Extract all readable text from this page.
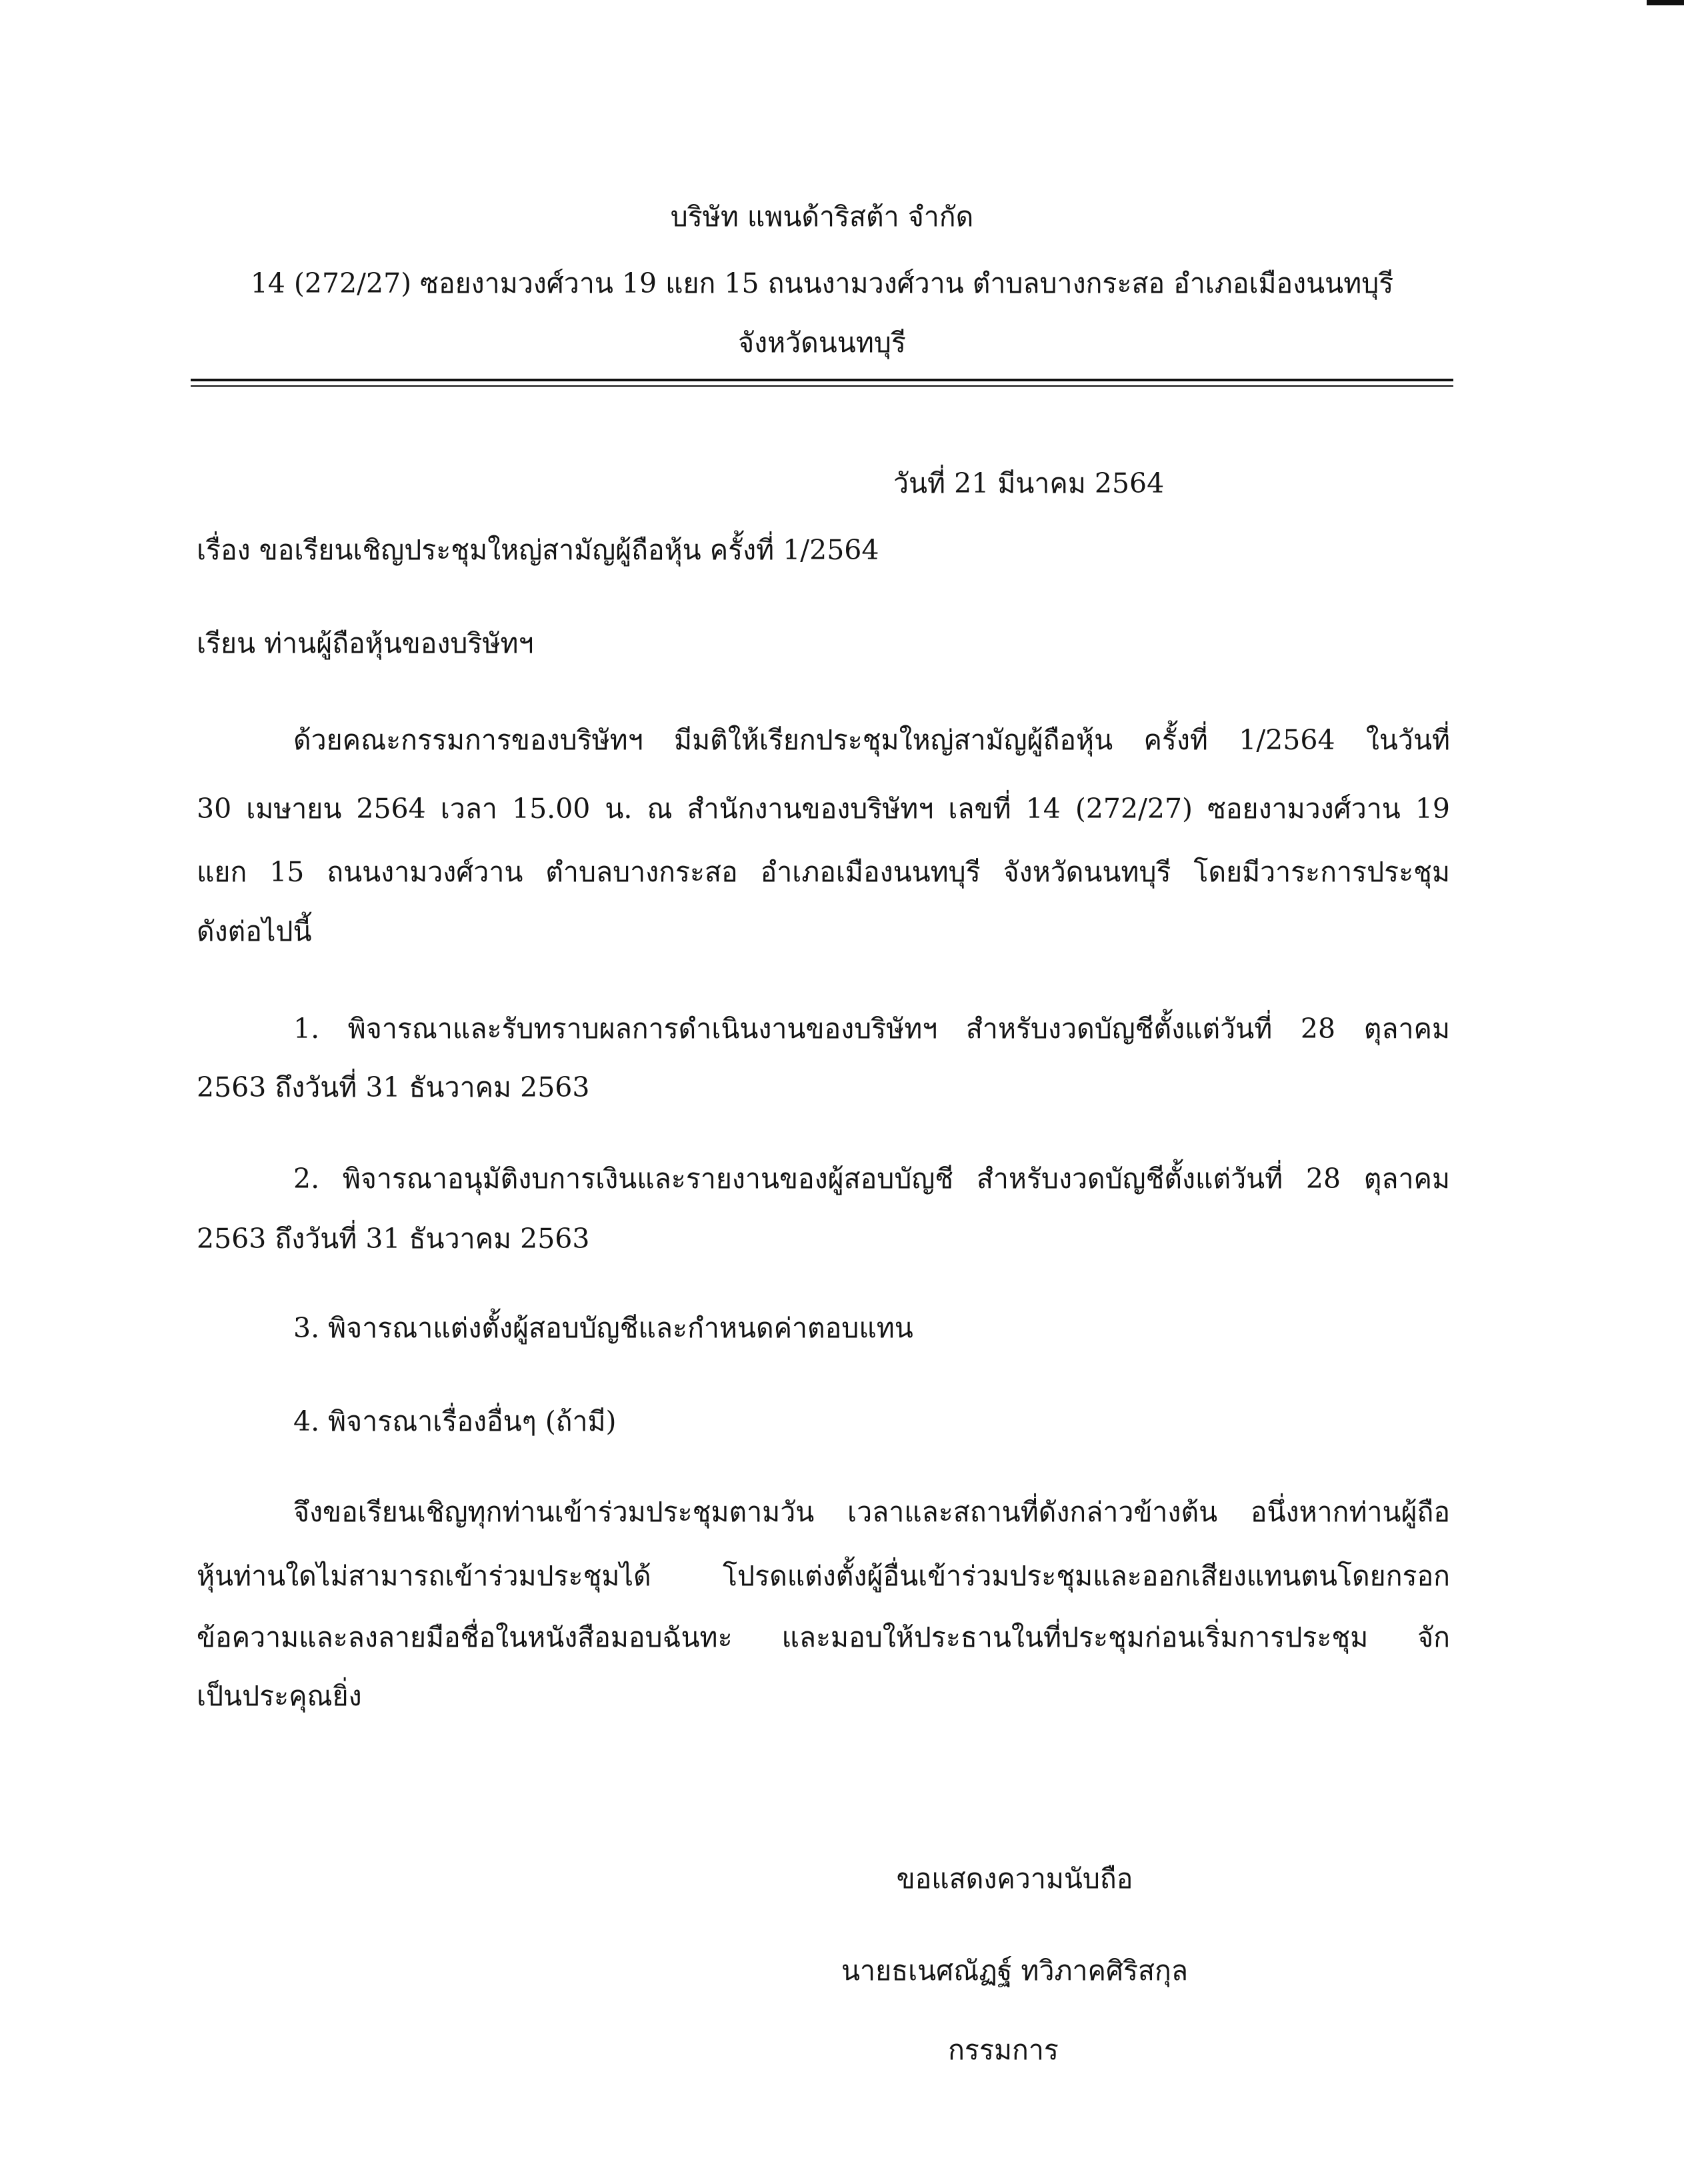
บริษัท แพนด้าริสต้า จำกัด

14 (272/27) ซอยงามวงศ์วาน 19 แยก 15 ถนนงามวงศ์วาน ตำบลบางกระสอ อำเภอเมืองนนทบุรี

จังหวัดนนทบุรี

วันที่ 21 มีนาคม 2564

เรื่อง ขอเรียนเชิญประชุมใหญ่สามัญผู้ถือหุ้น ครั้งที่ 1/2564

เรียน ท่านผู้ถือหุ้นของบริษัทฯ

ด้วยคณะกรรมการของบริษัทฯ มีมติให้เรียกประชุมใหญ่สามัญผู้ถือหุ้น ครั้งที่ 1/2564 ในวันที่

30 เมษายน 2564 เวลา 15.00 น. ณ สำนักงานของบริษัทฯ เลขที่ 14 (272/27) ซอยงามวงศ์วาน 19

แยก 15 ถนนงามวงศ์วาน ตำบลบางกระสอ อำเภอเมืองนนทบุรี จังหวัดนนทบุรี โดยมีวาระการประชุม

ดังต่อไปนี้

1. พิจารณาและรับทราบผลการดำเนินงานของบริษัทฯ สำหรับงวดบัญชีตั้งแต่วันที่ 28 ตุลาคม

2563 ถึงวันที่ 31 ธันวาคม 2563

2. พิจารณาอนุมัติงบการเงินและรายงานของผู้สอบบัญชี สำหรับงวดบัญชีตั้งแต่วันที่ 28 ตุลาคม

2563 ถึงวันที่ 31 ธันวาคม 2563

3. พิจารณาแต่งตั้งผู้สอบบัญชีและกำหนดค่าตอบแทน

4. พิจารณาเรื่องอื่นๆ (ถ้ามี)

จึงขอเรียนเชิญทุกท่านเข้าร่วมประชุมตามวัน เวลาและสถานที่ดังกล่าวข้างต้น อนึ่งหากท่านผู้ถือ

หุ้นท่านใดไม่สามารถเข้าร่วมประชุมได้ โปรดแต่งตั้งผู้อื่นเข้าร่วมประชุมและออกเสียงแทนตนโดยกรอก

ข้อความและลงลายมือชื่อในหนังสือมอบฉันทะ และมอบให้ประธานในที่ประชุมก่อนเริ่มการประชุม จัก

เป็นประคุณยิ่ง

ขอแสดงความนับถือ

นายธเนศณัฏฐ์ ทวิภาคศิริสกุล

กรรมการ
